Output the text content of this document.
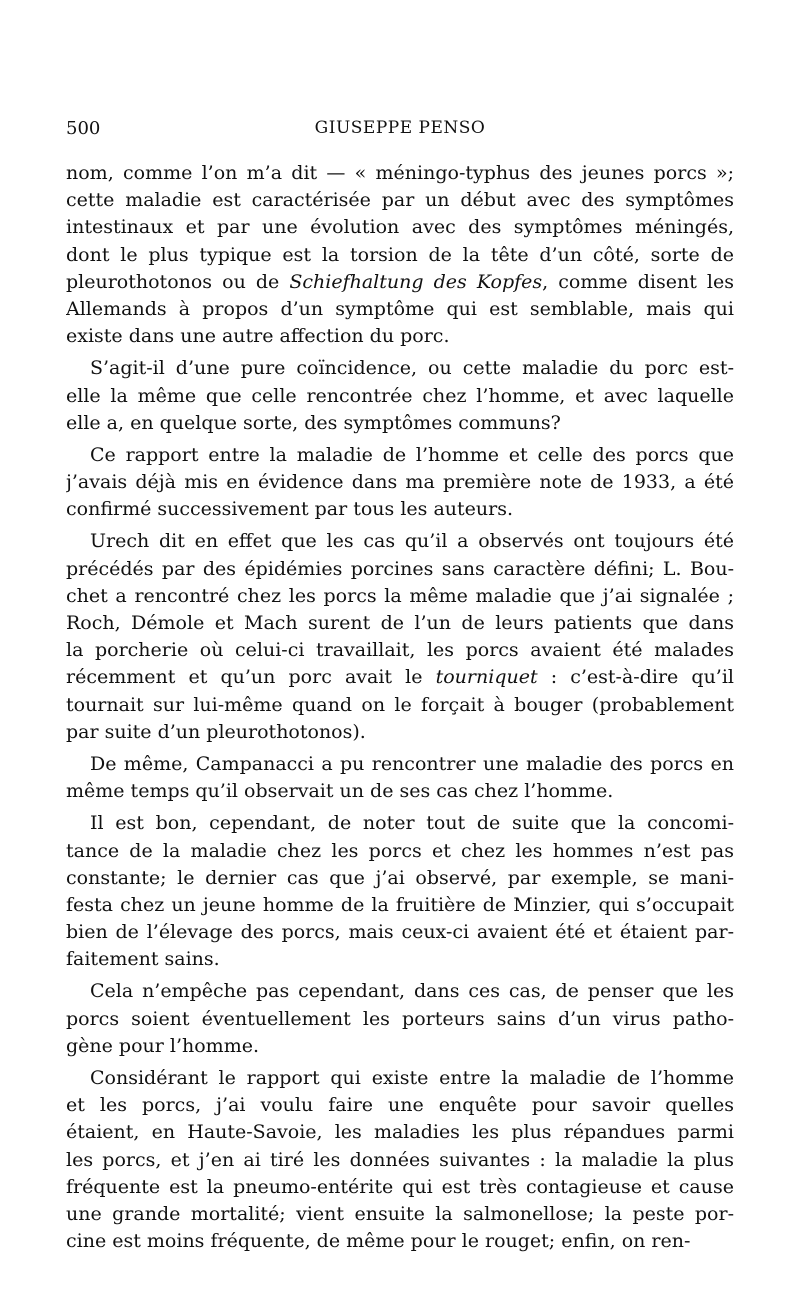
500	GIUSEPPE PENSO
nom, comme l’on m’a dit — « méningo-typhus des jeunes porcs »;
cette maladie est caractérisée par un début avec des symptômes
intestinaux et par une évolution avec des symptômes méningés,
dont le plus typique est la torsion de la tête d’un côté, sorte de
pleurothotonos ou de Schiefhaltung des Kopfes, comme disent les
Allemands à propos d’un symptôme qui est semblable, mais qui
existe dans une autre affection du porc.
S’agit-il d’une pure coïncidence, ou cette maladie du porc est-
elle la même que celle rencontrée chez l’homme, et avec laquelle
elle a, en quelque sorte, des symptômes communs?
Ce rapport entre la maladie de l’homme et celle des porcs que
j’avais déjà mis en évidence dans ma première note de 1933, a été
confirmé successivement par tous les auteurs.
Urech dit en effet que les cas qu’il a observés ont toujours été
précédés par des épidémies porcines sans caractère défini; L. Bou-
chet a rencontré chez les porcs la même maladie que j’ai signalée ;
Roch, Démole et Mach surent de l’un de leurs patients que dans
la porcherie où celui-ci travaillait, les porcs avaient été malades
récemment et qu’un porc avait le tourniquet : c’est-à-dire qu’il
tournait sur lui-même quand on le forçait à bouger (probablement
par suite d’un pleurothotonos).
De même, Campanacci a pu rencontrer une maladie des porcs en
même temps qu’il observait un de ses cas chez l’homme.
Il est bon, cependant, de noter tout de suite que la concomi-
tance de la maladie chez les porcs et chez les hommes n’est pas
constante; le dernier cas que j’ai observé, par exemple, se mani-
festa chez un jeune homme de la fruitière de Minzier, qui s’occupait
bien de l’élevage des porcs, mais ceux-ci avaient été et étaient par-
faitement sains.
Cela n’empêche pas cependant, dans ces cas, de penser que les
porcs soient éventuellement les porteurs sains d’un virus patho-
gène pour l’homme.
Considérant le rapport qui existe entre la maladie de l’homme
et les porcs, j’ai voulu faire une enquête pour savoir quelles
étaient, en Haute-Savoie, les maladies les plus répandues parmi
les porcs, et j’en ai tiré les données suivantes : la maladie la plus
fréquente est la pneumo-entérite qui est très contagieuse et cause
une grande mortalité; vient ensuite la salmonellose; la peste por-
cine est moins fréquente, de même pour le rouget; enfin, on ren-
